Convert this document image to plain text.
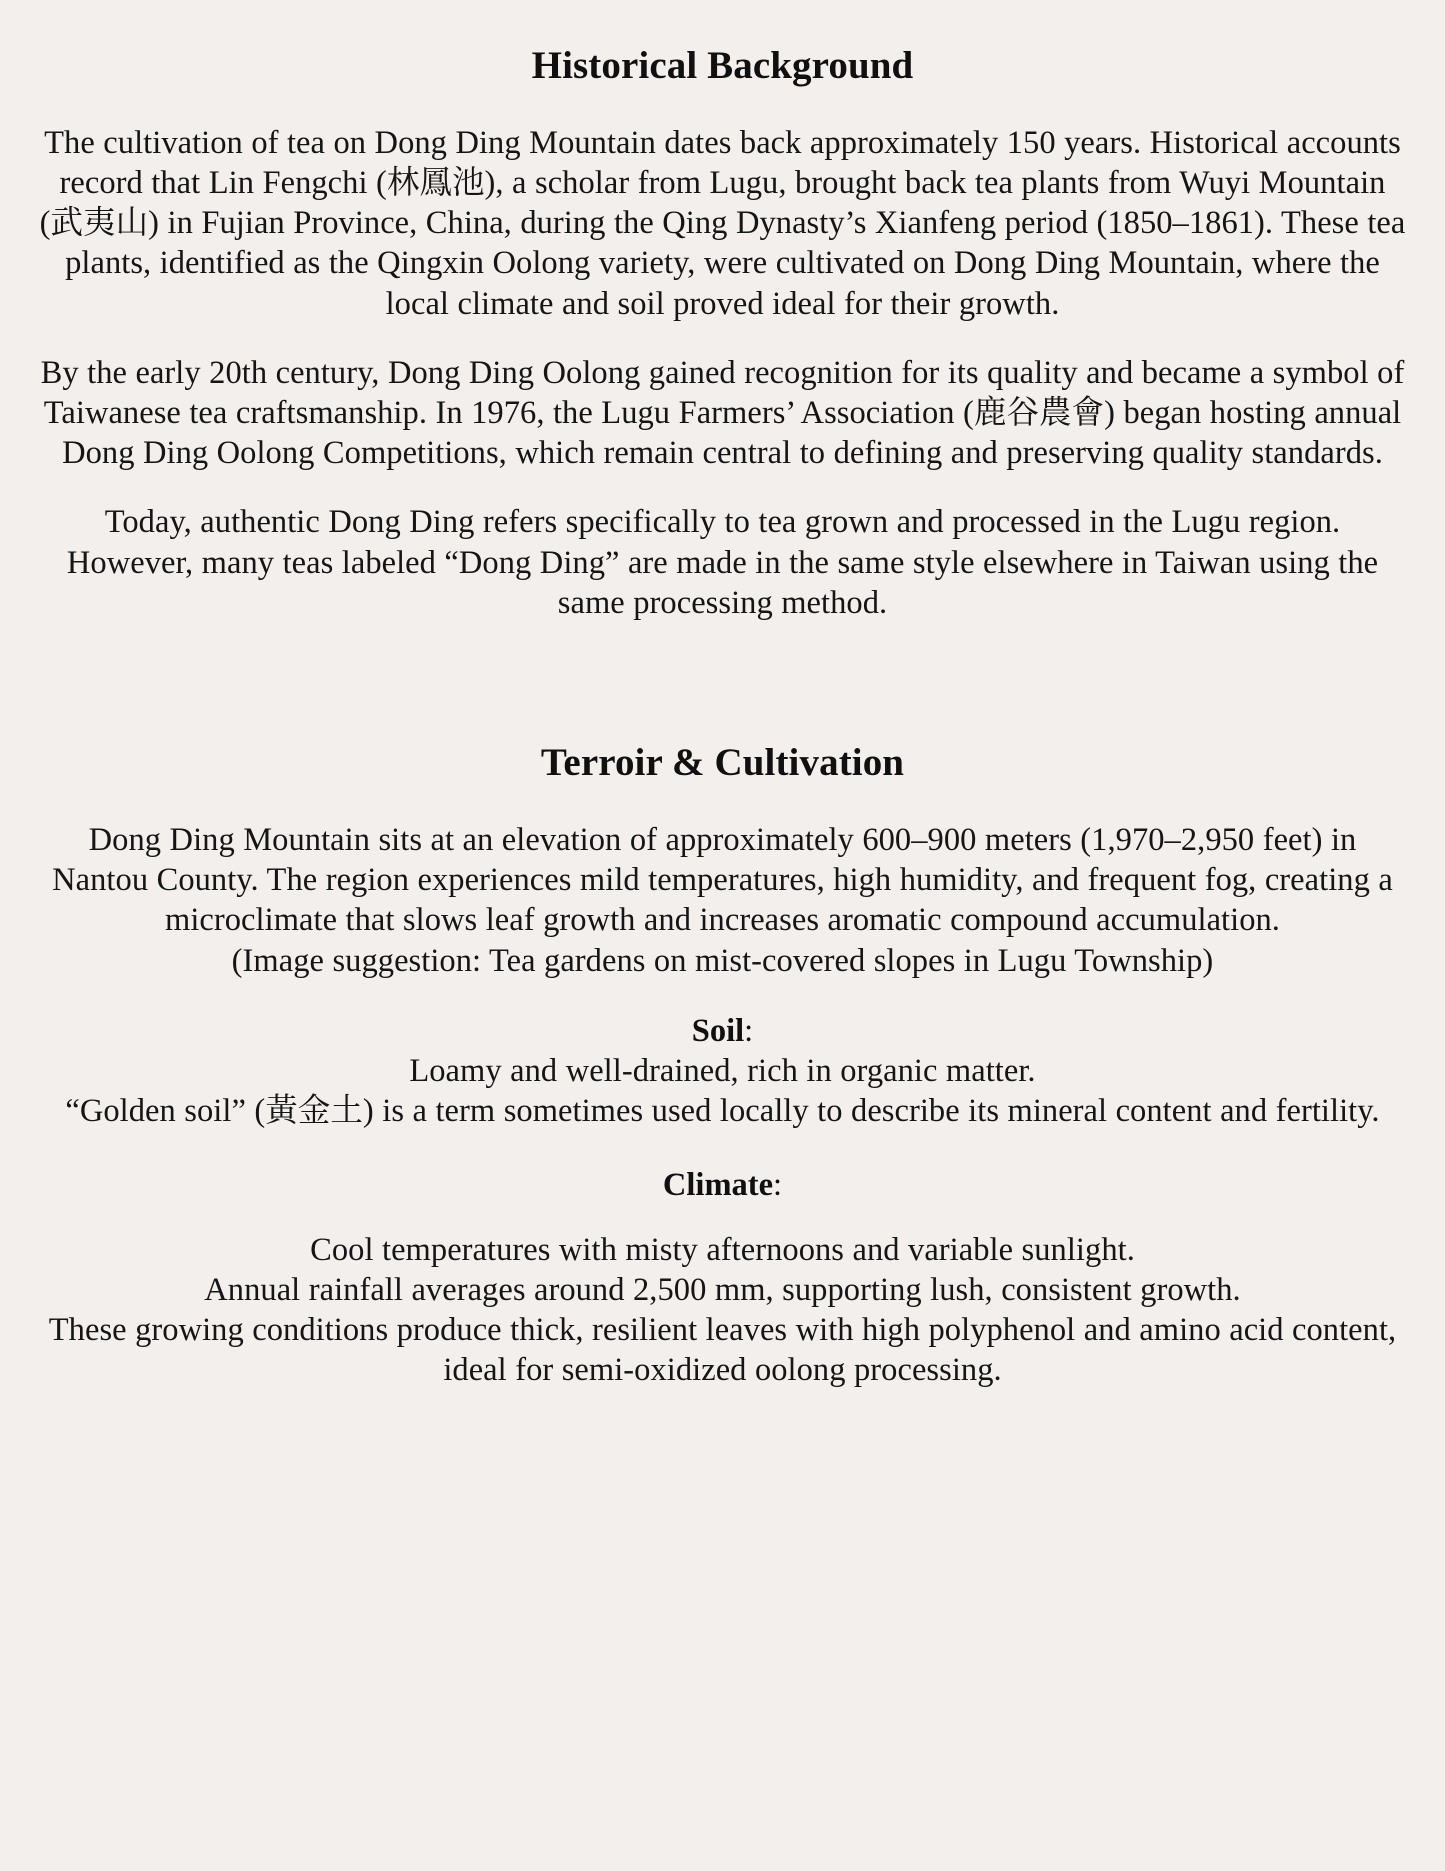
Historical Background

The cultivation of tea on Dong Ding Mountain dates back approximately 150 years. Historical accounts record that Lin Fengchi (林鳳池), a scholar from Lugu, brought back tea plants from Wuyi Mountain (武夷山) in Fujian Province, China, during the Qing Dynasty’s Xianfeng period (1850–1861). These tea plants, identified as the Qingxin Oolong variety, were cultivated on Dong Ding Mountain, where the local climate and soil proved ideal for their growth.

By the early 20th century, Dong Ding Oolong gained recognition for its quality and became a symbol of Taiwanese tea craftsmanship. In 1976, the Lugu Farmers’ Association (鹿谷農會) began hosting annual Dong Ding Oolong Competitions, which remain central to defining and preserving quality standards.

Today, authentic Dong Ding refers specifically to tea grown and processed in the Lugu region. However, many teas labeled “Dong Ding” are made in the same style elsewhere in Taiwan using the same processing method.

Terroir & Cultivation

Dong Ding Mountain sits at an elevation of approximately 600–900 meters (1,970–2,950 feet) in Nantou County. The region experiences mild temperatures, high humidity, and frequent fog, creating a microclimate that slows leaf growth and increases aromatic compound accumulation.

(Image suggestion: Tea gardens on mist-covered slopes in Lugu Township)

Soil:

Loamy and well-drained, rich in organic matter.

“Golden soil” (黃金土) is a term sometimes used locally to describe its mineral content and fertility.

Climate:

Cool temperatures with misty afternoons and variable sunlight.

Annual rainfall averages around 2,500 mm, supporting lush, consistent growth.

These growing conditions produce thick, resilient leaves with high polyphenol and amino acid content, ideal for semi-oxidized oolong processing.
